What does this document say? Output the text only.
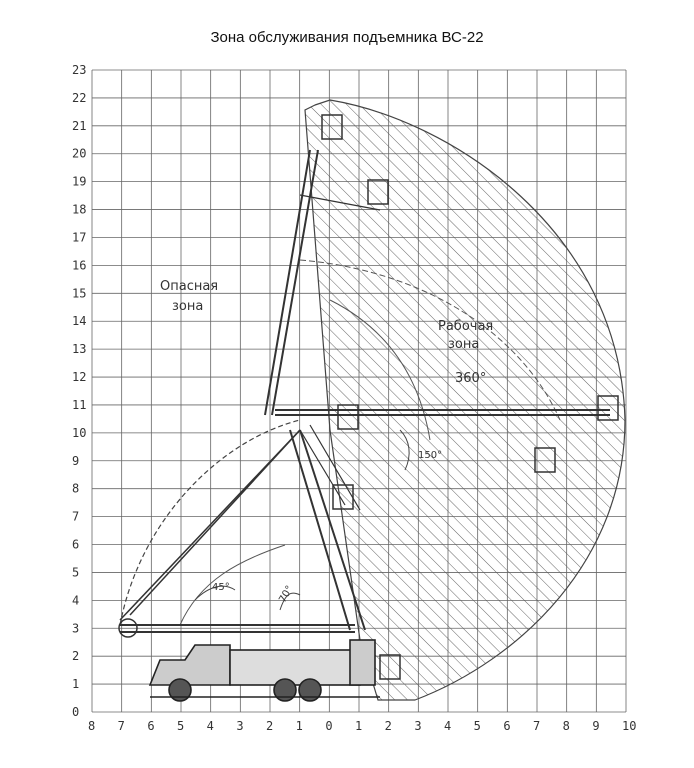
Зона обслуживания подъемника ВС-22
Опасная
зона
Рабочая
зона
360°
150°
45°	70°
23
22
21
20
19
18
17
16
15
14
13
12
11
10
9
8
7
6
5
4
3
2
1
0
8 7 6 5 4 3 2 1 0 1 2 3 4 5 6 7 8 9 10
